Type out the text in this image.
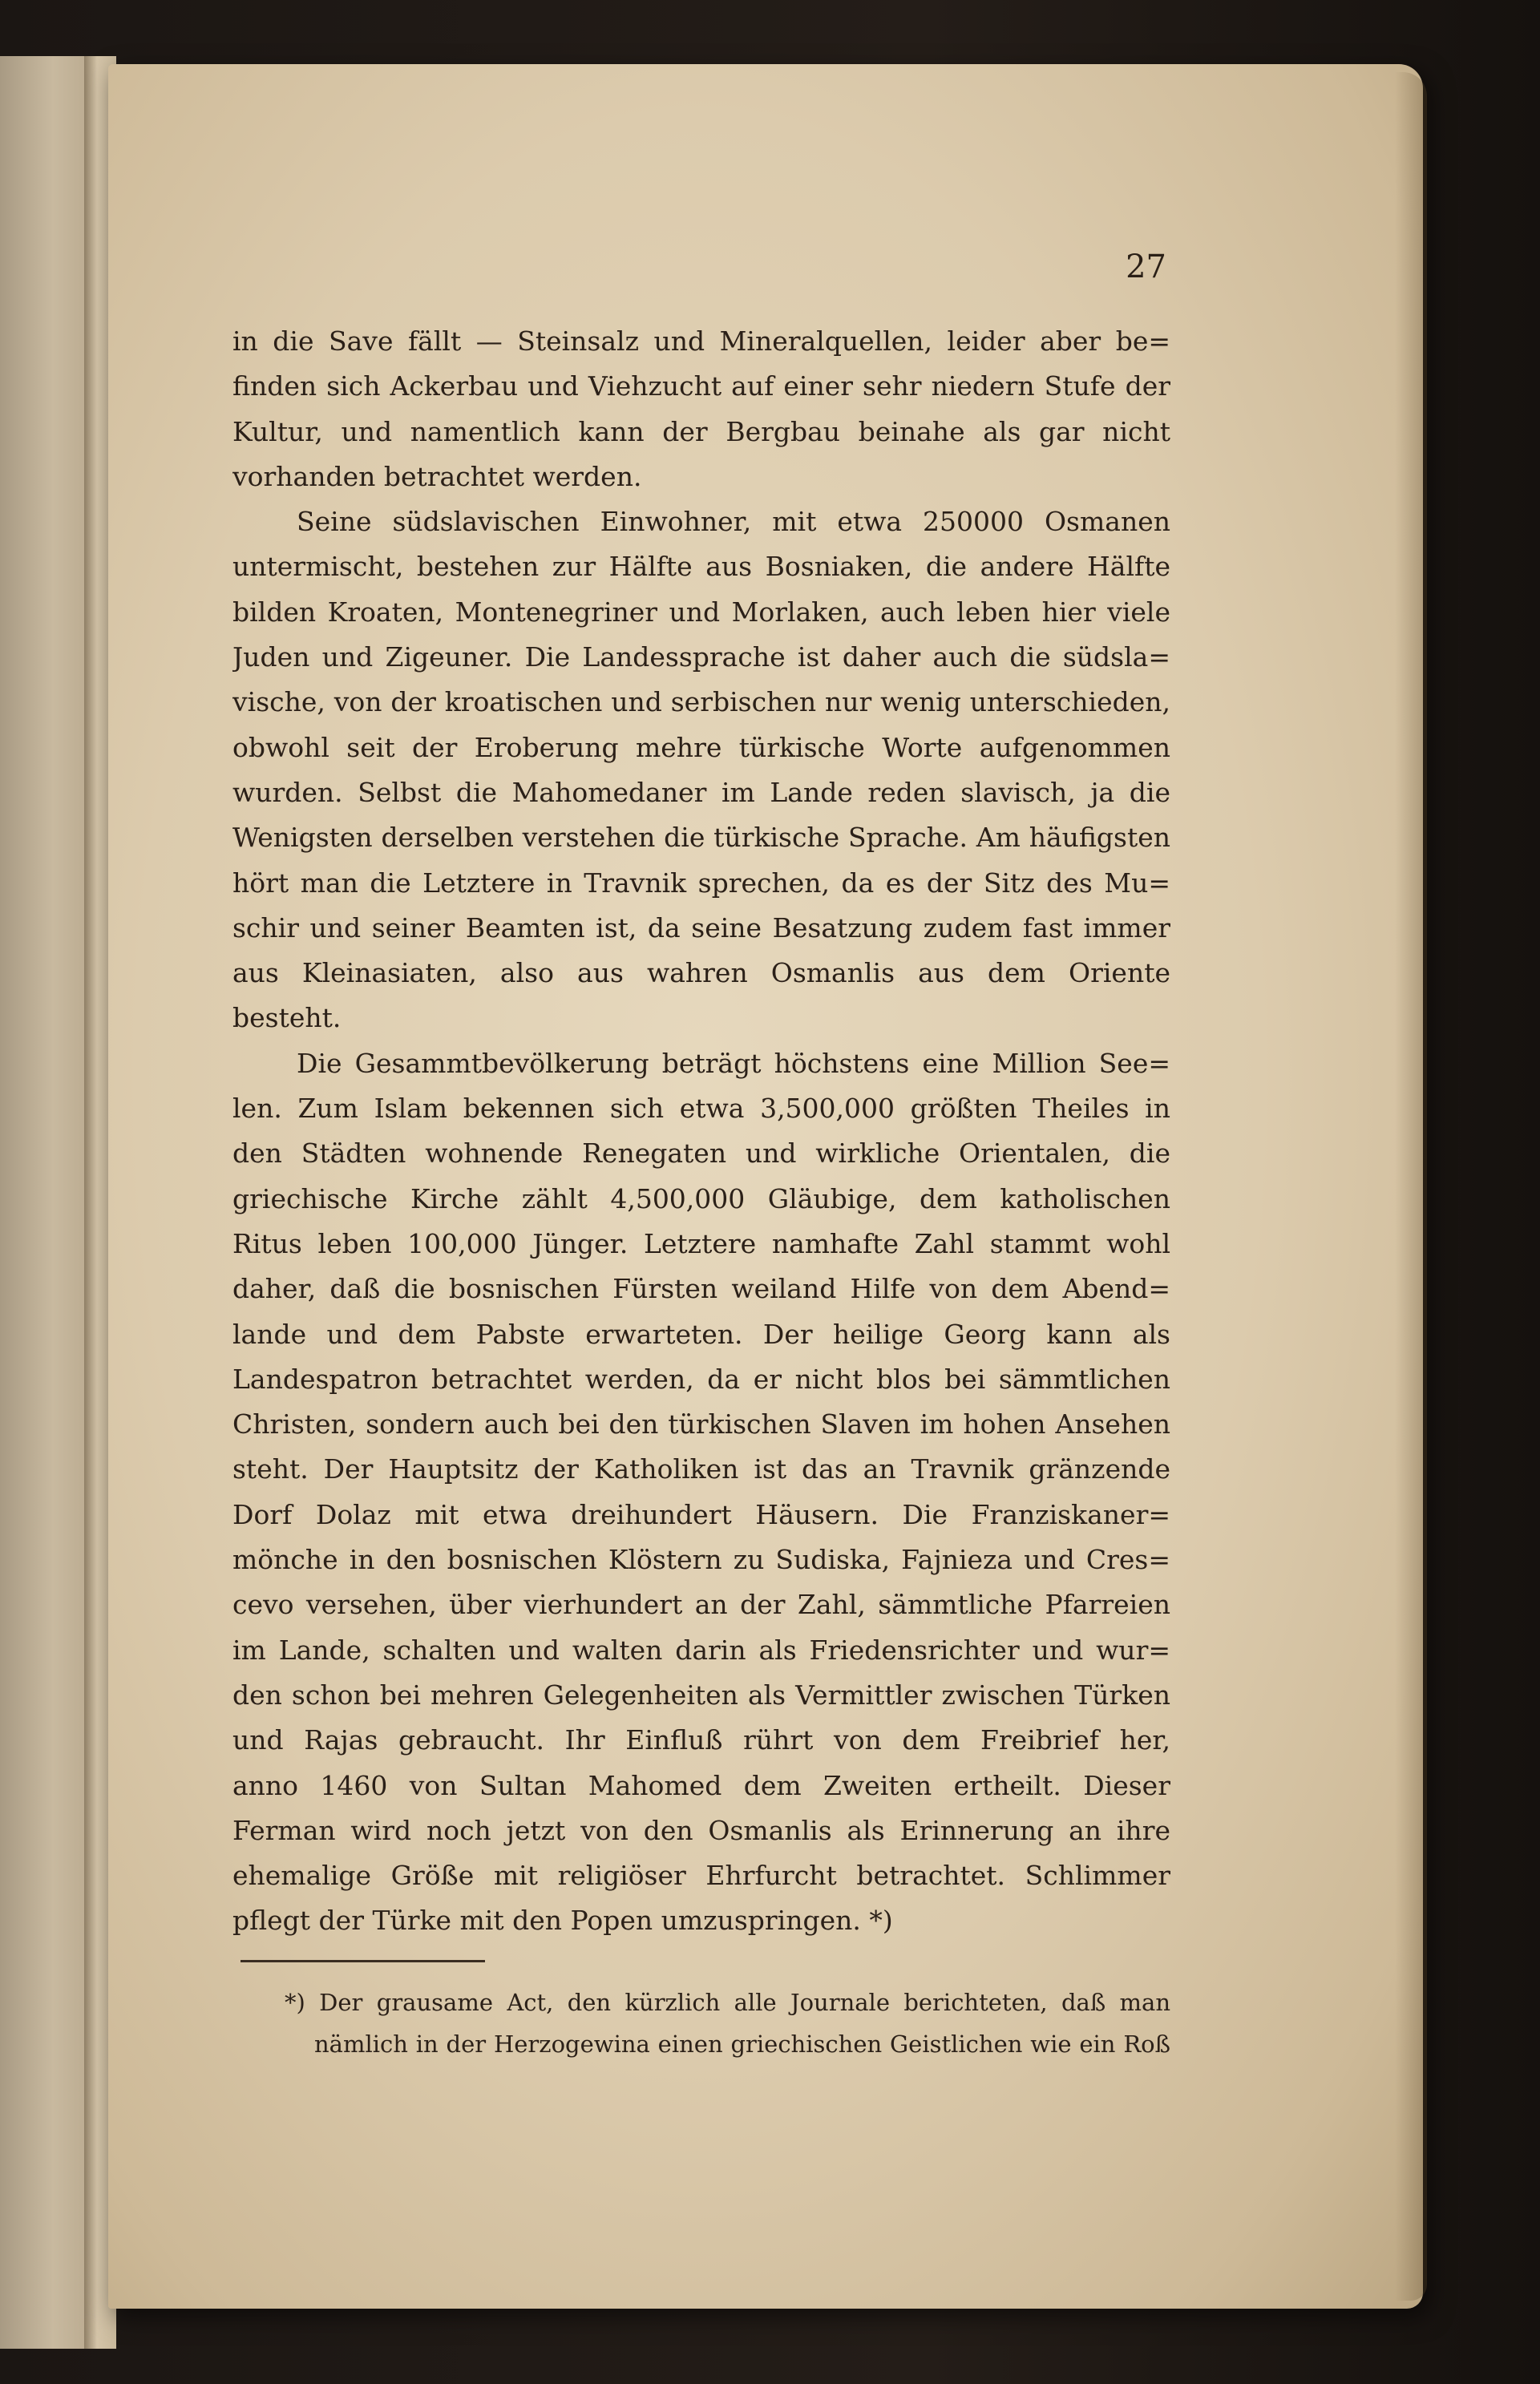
27
in die Save fällt — Steinsalz und Mineralquellen, leider aber be=
finden sich Ackerbau und Viehzucht auf einer sehr niedern Stufe der
Kultur, und namentlich kann der Bergbau beinahe als gar nicht
vorhanden betrachtet werden.
Seine südslavischen Einwohner, mit etwa 250000 Osmanen
untermischt, bestehen zur Hälfte aus Bosniaken, die andere Hälfte
bilden Kroaten, Montenegriner und Morlaken, auch leben hier viele
Juden und Zigeuner. Die Landessprache ist daher auch die südsla=
vische, von der kroatischen und serbischen nur wenig unterschieden,
obwohl seit der Eroberung mehre türkische Worte aufgenommen
wurden. Selbst die Mahomedaner im Lande reden slavisch, ja die
Wenigsten derselben verstehen die türkische Sprache. Am häufigsten
hört man die Letztere in Travnik sprechen, da es der Sitz des Mu=
schir und seiner Beamten ist, da seine Besatzung zudem fast immer
aus Kleinasiaten, also aus wahren Osmanlis aus dem Oriente
besteht.
Die Gesammtbevölkerung beträgt höchstens eine Million See=
len. Zum Islam bekennen sich etwa 3,500,000 größten Theiles in
den Städten wohnende Renegaten und wirkliche Orientalen, die
griechische Kirche zählt 4,500,000 Gläubige, dem katholischen
Ritus leben 100,000 Jünger. Letztere namhafte Zahl stammt wohl
daher, daß die bosnischen Fürsten weiland Hilfe von dem Abend=
lande und dem Pabste erwarteten. Der heilige Georg kann als
Landespatron betrachtet werden, da er nicht blos bei sämmtlichen
Christen, sondern auch bei den türkischen Slaven im hohen Ansehen
steht. Der Hauptsitz der Katholiken ist das an Travnik gränzende
Dorf Dolaz mit etwa dreihundert Häusern. Die Franziskaner=
mönche in den bosnischen Klöstern zu Sudiska, Fajnieza und Cres=
cevo versehen, über vierhundert an der Zahl, sämmtliche Pfarreien
im Lande, schalten und walten darin als Friedensrichter und wur=
den schon bei mehren Gelegenheiten als Vermittler zwischen Türken
und Rajas gebraucht. Ihr Einfluß rührt von dem Freibrief her,
anno 1460 von Sultan Mahomed dem Zweiten ertheilt. Dieser
Ferman wird noch jetzt von den Osmanlis als Erinnerung an ihre
ehemalige Größe mit religiöser Ehrfurcht betrachtet. Schlimmer
pflegt der Türke mit den Popen umzuspringen. *)
*) Der grausame Act, den kürzlich alle Journale berichteten, daß man
nämlich in der Herzogewina einen griechischen Geistlichen wie ein Roß
